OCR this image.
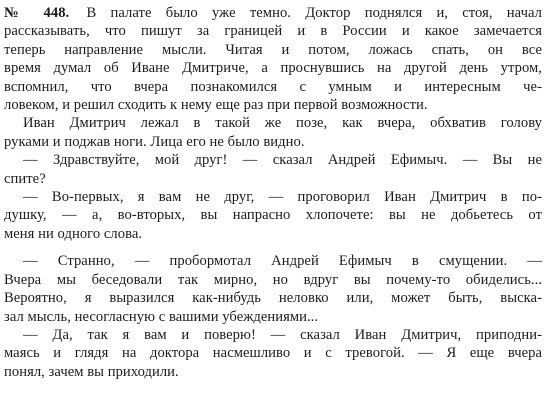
№ 448. В палате было уже темно. Доктор поднялся и, стоя, начал
рассказывать, что пишут за границей и в России и какое замечается
теперь направление мысли. Читая и потом, ложась спать, он все
время думал об Иване Дмитриче, а проснувшись на другой день утром,
вспомнил, что вчера познакомился с умным и интересным че-
ловеком, и решил сходить к нему еще раз при первой возможности.

Иван Дмитрич лежал в такой же позе, как вчера, обхватив голову
руками и поджав ноги. Лица его не было видно.

— Здравствуйте, мой друг! — сказал Андрей Ефимыч. — Вы не
спите?

— Во-первых, я вам не друг, — проговорил Иван Дмитрич в по-
душку, — а, во-вторых, вы напрасно хлопочете: вы не добьетесь от
меня ни одного слова.

— Странно, — пробормотал Андрей Ефимыч в смущении. —
Вчера мы беседовали так мирно, но вдруг вы почему-то обиделись...
Вероятно, я выразился как-нибудь неловко или, может быть, выска-
зал мысль, несогласную с вашими убеждениями...

— Да, так я вам и поверю! — сказал Иван Дмитрич, приподни-
маясь и глядя на доктора насмешливо и с тревогой. — Я еще вчера
понял, зачем вы приходили.
